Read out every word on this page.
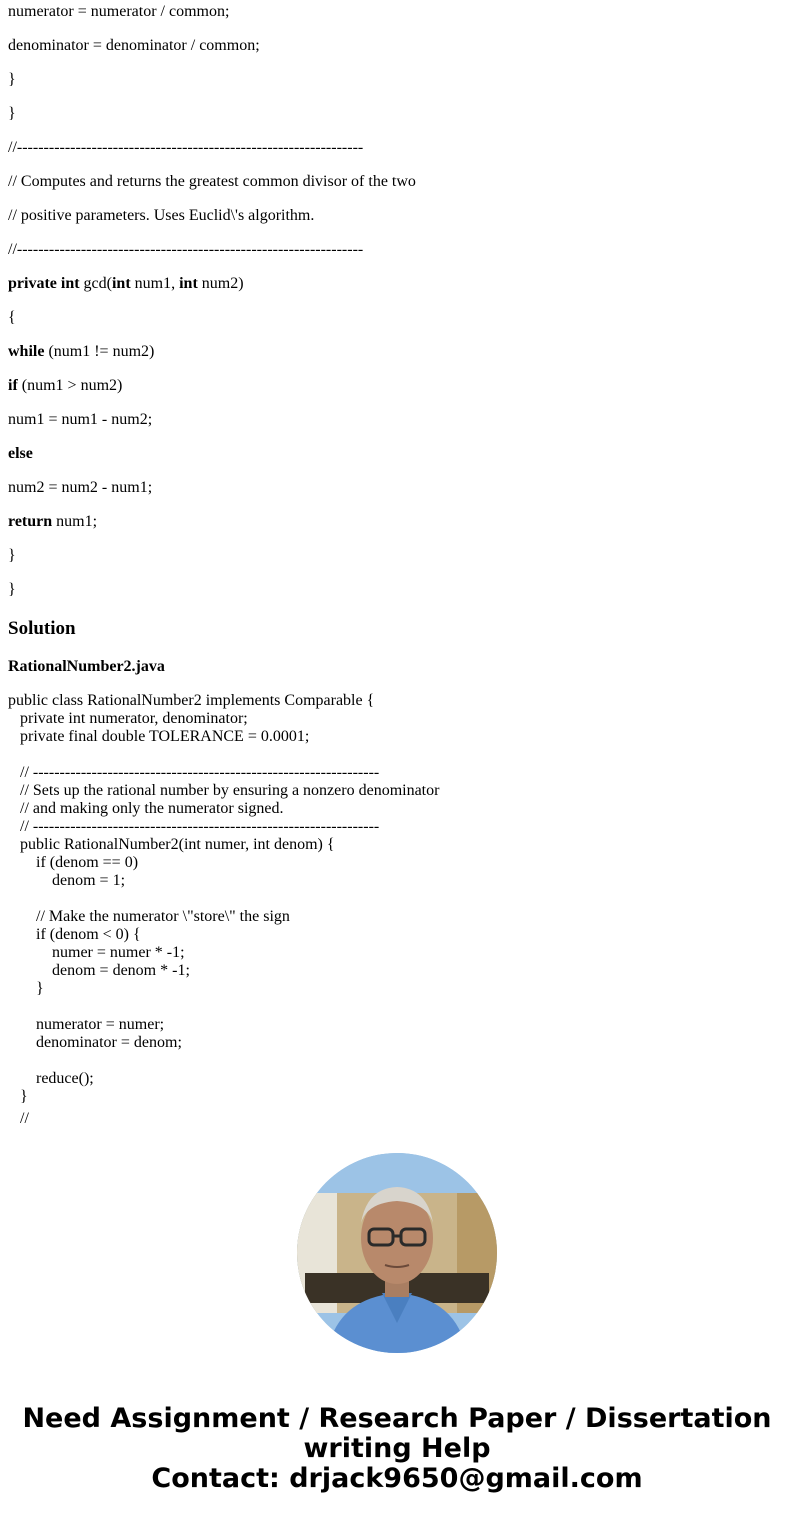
numerator = numerator / common;

denominator = denominator / common;

}

}

//-----------------------------------------------------------------

// Computes and returns the greatest common divisor of the two

// positive parameters. Uses Euclid\'s algorithm.

//-----------------------------------------------------------------

private int gcd(int num1, int num2)

{

while (num1 != num2)

if (num1 > num2)

num1 = num1 - num2;

else

num2 = num2 - num1;

return num1;

}

}

Solution
RationalNumber2.java
public class RationalNumber2 implements Comparable {
private int numerator, denominator;
private final double TOLERANCE = 0.0001;

// -----------------------------------------------------------------
// Sets up the rational number by ensuring a nonzero denominator
// and making only the numerator signed.
// -----------------------------------------------------------------
public RationalNumber2(int numer, int denom) {
if (denom == 0)
denom = 1;

// Make the numerator \"store\" the sign
if (denom < 0) {
numer = numer * -1;
denom = denom * -1;
}

numerator = numer;
denominator = denom;

reduce();
}

//

Need Assignment / Research Paper / Dissertation
writing Help
Contact: drjack9650@gmail.com
